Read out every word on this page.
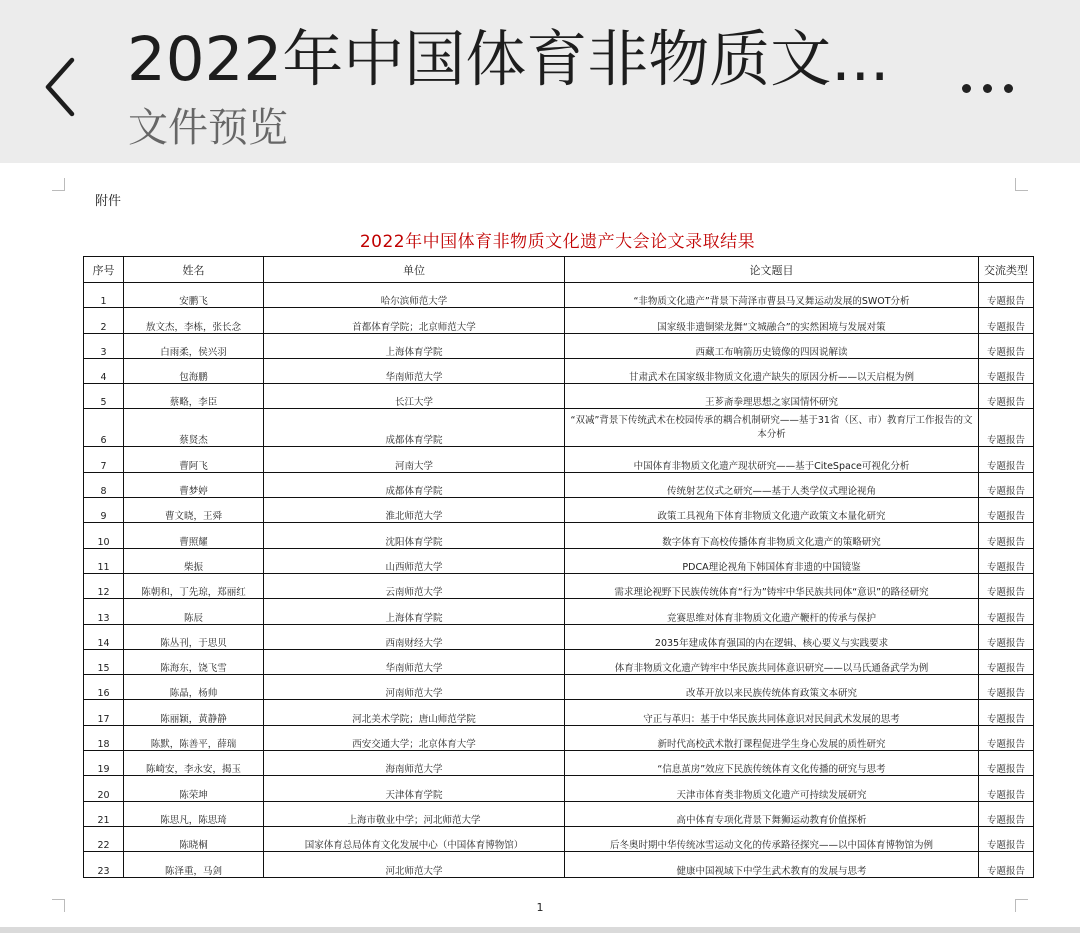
2022年中国体育非物质文...
文件预览
附件
2022年中国体育非物质文化遗产大会论文录取结果
序号	姓名	单位	论文题目	交流类型
1	安鹏飞	哈尔滨师范大学	“非物质文化遗产”背景下菏泽市曹县马叉舞运动发展的SWOT分析	专题报告
2	敖文杰，李栋，张长念	首都体育学院；北京师范大学	国家级非遗铜梁龙舞“文城融合”的实然困境与发展对策	专题报告
3	白雨柔，侯兴羽	上海体育学院	西藏工布响箭历史镜像的四因说解读	专题报告
4	包海鹏	华南师范大学	甘肃武术在国家级非物质文化遗产缺失的原因分析——以天启棍为例	专题报告
5	蔡略，李臣	长江大学	王芗斋拳理思想之家国情怀研究	专题报告
6	蔡贤杰	成都体育学院	“双减”背景下传统武术在校园传承的耦合机制研究——基于31省（区、市）教育厅工作报告的文本分析	专题报告
7	曹阿飞	河南大学	中国体育非物质文化遗产现状研究——基于CiteSpace可视化分析	专题报告
8	曹梦婷	成都体育学院	传统射艺仪式之研究——基于人类学仪式理论视角	专题报告
9	曹文晓，王舜	淮北师范大学	政策工具视角下体育非物质文化遗产政策文本量化研究	专题报告
10	曹照耀	沈阳体育学院	数字体育下高校传播体育非物质文化遗产的策略研究	专题报告
11	柴振	山西师范大学	PDCA理论视角下韩国体育非遗的中国镜鉴	专题报告
12	陈朝和，丁先琼，郑丽红	云南师范大学	需求理论视野下民族传统体育“行为”铸牢中华民族共同体“意识”的路径研究	专题报告
13	陈辰	上海体育学院	竞赛思维对体育非物质文化遗产鞭杆的传承与保护	专题报告
14	陈丛刊，于思贝	西南财经大学	2035年建成体育强国的内在逻辑、核心要义与实践要求	专题报告
15	陈海东，饶飞雪	华南师范大学	体育非物质文化遗产铸牢中华民族共同体意识研究——以马氏通备武学为例	专题报告
16	陈晶，杨帅	河南师范大学	改革开放以来民族传统体育政策文本研究	专题报告
17	陈丽颖，黄静静	河北美术学院；唐山师范学院	守正与革归：基于中华民族共同体意识对民间武术发展的思考	专题报告
18	陈默，陈善平，薛瑞	西安交通大学；北京体育大学	新时代高校武术散打课程促进学生身心发展的质性研究	专题报告
19	陈崎安，李永安，揭玉	海南师范大学	“信息茧房”效应下民族传统体育文化传播的研究与思考	专题报告
20	陈荣坤	天津体育学院	天津市体育类非物质文化遗产可持续发展研究	专题报告
21	陈思凡，陈思琦	上海市敬业中学；河北师范大学	高中体育专项化背景下舞狮运动教育价值探析	专题报告
22	陈晓桐	国家体育总局体育文化发展中心（中国体育博物馆）	后冬奥时期中华传统冰雪运动文化的传承路径探究——以中国体育博物馆为例	专题报告
23	陈泽重，马剑	河北师范大学	健康中国视域下中学生武术教育的发展与思考	专题报告
1
